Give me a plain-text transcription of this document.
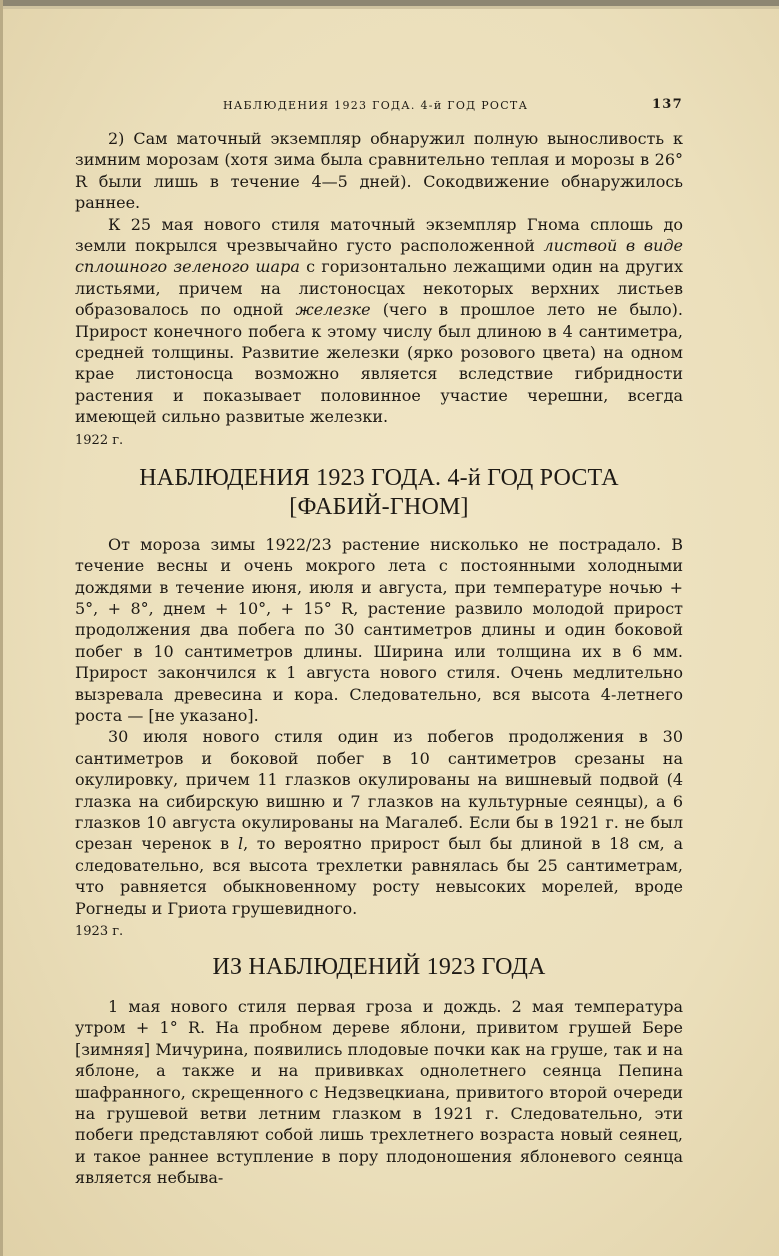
НАБЛЮДЕНИЯ 1923 ГОДА. 4-й ГОД РОСТА	137

2) Сам маточный экземпляр обнаружил полную выносливость к зимним морозам (хотя зима была сравнительно теплая и морозы в 26° R были лишь в течение 4—5 дней). Сокодвижение обнаружилось раннее.

К 25 мая нового стиля маточный экземпляр Гнома сплошь до земли покрылся чрезвычайно густо расположенной листвой в виде сплошного зеленого шара с горизонтально лежащими один на других листьями, причем на листоносцах некоторых верхних листьев образовалось по одной железке (чего в прошлое лето не было). Прирост конечного побега к этому числу был длиною в 4 сантиметра, средней толщины. Развитие железки (ярко розового цвета) на одном крае листоносца возможно является вследствие гибридности растения и показывает половинное участие черешни, всегда имеющей сильно развитые железки.

1922 г.
НАБЛЮДЕНИЯ 1923 ГОДА. 4-й ГОД РОСТА
[ФАБИЙ-ГНОМ]

От мороза зимы 1922/23 растение нисколько не пострадало. В течение весны и очень мокрого лета с постоянными холодными дождями в течение июня, июля и августа, при температуре ночью + 5°, + 8°, днем + 10°, + 15° R, растение развило молодой прирост продолжения два побега по 30 сантиметров длины и один боковой побег в 10 сантиметров длины. Ширина или толщина их в 6 мм. Прирост закончился к 1 августа нового стиля. Очень медлительно вызревала древесина и кора. Следовательно, вся высота 4-летнего роста — [не указано].

30 июля нового стиля один из побегов продолжения в 30 сантиметров и боковой побег в 10 сантиметров срезаны на окулировку, причем 11 глазков окулированы на вишневый подвой (4 глазка на сибирскую вишню и 7 глазков на культурные сеянцы), а 6 глазков 10 августа окулированы на Магалеб. Если бы в 1921 г. не был срезан черенок в l, то вероятно прирост был бы длиной в 18 см, а следовательно, вся высота трехлетки равнялась бы 25 сантиметрам, что равняется обыкновенному росту невысоких морелей, вроде Рогнеды и Гриота грушевидного.

1923 г.
ИЗ НАБЛЮДЕНИЙ 1923 ГОДА

1 мая нового стиля первая гроза и дождь. 2 мая температура утром + 1° R. На пробном дереве яблони, привитом грушей Бере [зимняя] Мичурина, появились плодовые почки как на груше, так и на яблоне, а также и на прививках однолетнего сеянца Пепина шафранного, скрещенного с Недзвецкиана, привитого второй очереди на грушевой ветви летним глазком в 1921 г. Следовательно, эти побеги представляют собой лишь трехлетнего возраста новый сеянец, и такое раннее вступление в пору плодоношения яблоневого сеянца является небыва-
